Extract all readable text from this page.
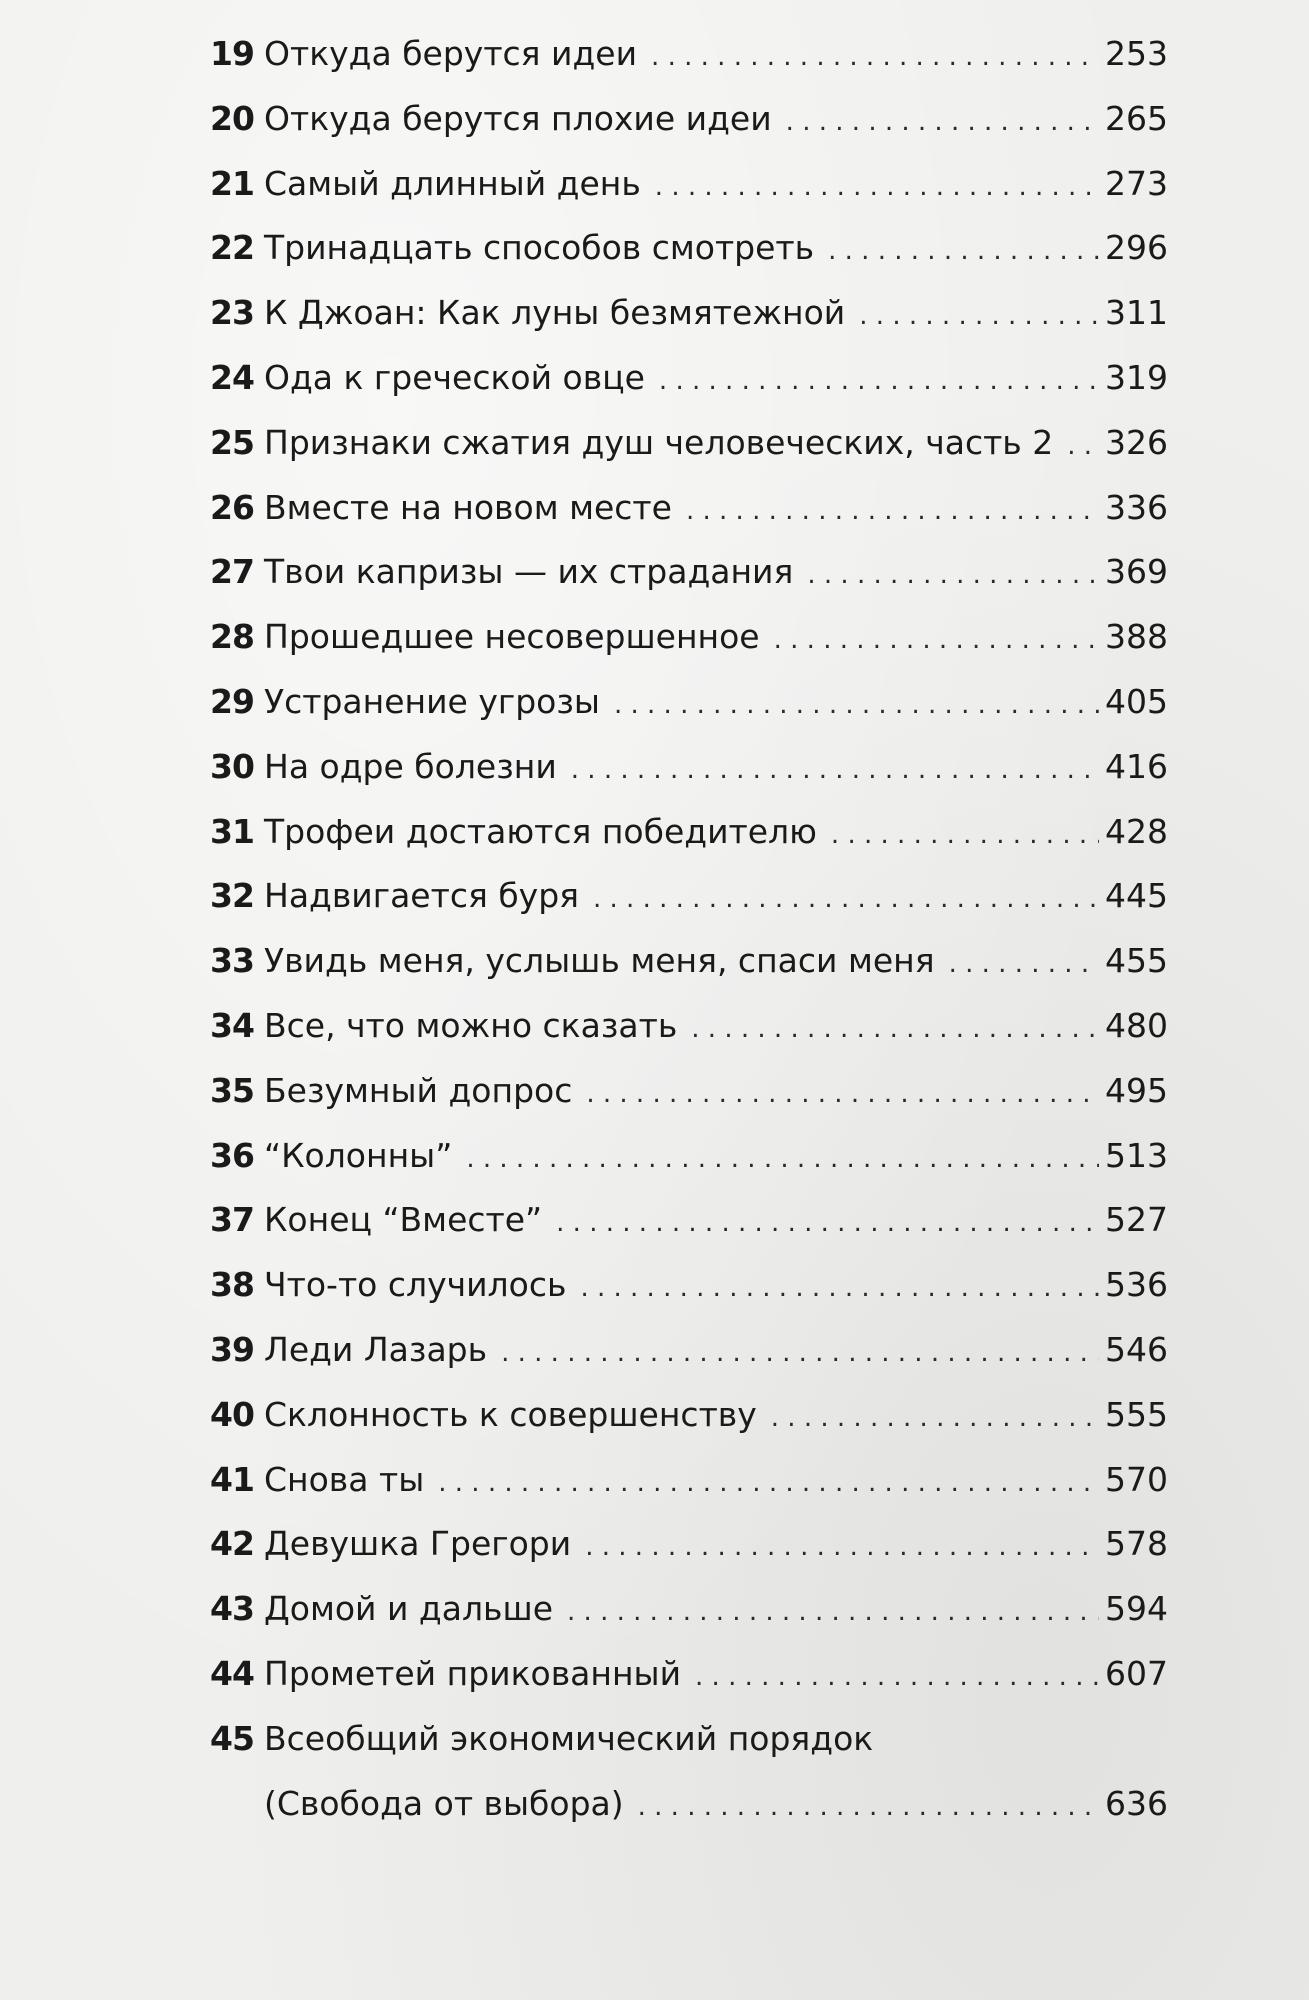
19 Откуда берутся идеи . . .	253
20 Откуда берутся плохие идеи . . .	265
21 Самый длинный день . . .	273
22 Тринадцать способов смотреть . . .	296
23 К Джоан: Как луны безмятежной . . .	311
24 Ода к греческой овце . . .	319
25 Признаки сжатия душ человеческих, часть 2 . . . 326
26 Вместе на новом месте . . .	336
27 Твои капризы — их страдания . . .	369
28 Прошедшее несовершенное . . .	388
29 Устранение угрозы . . .	405
30 На одре болезни . . .	416
31 Трофеи достаются победителю . . .	428
32 Надвигается буря . . .	445
33 Увидь меня, услышь меня, спаси меня . . .	455
34 Все, что можно сказать . . .	480
35 Безумный допрос . . .	495
36 “Колонны” . . .	513
37 Конец “Вместе” . . .	527
38 Что-то случилось . . .	536
39 Леди Лазарь . . .	546
40 Склонность к совершенству . . .	555
41 Снова ты . . .	570
42 Девушка Грегори . . .	578
43 Домой и дальше . . .	594
44 Прометей прикованный . . .	607
45 Всеобщий экономический порядок
(Свобода от выбора) . . .	636
